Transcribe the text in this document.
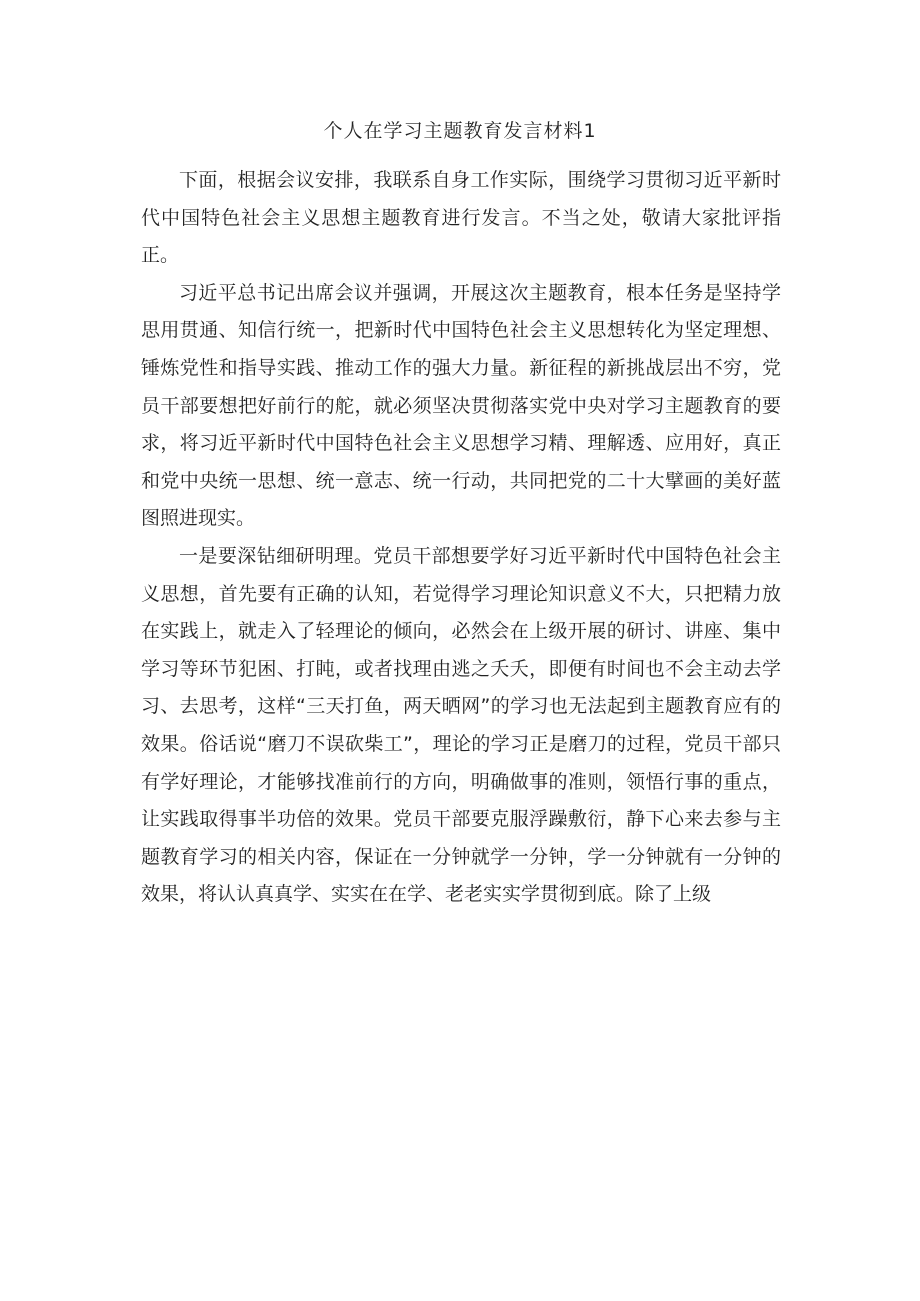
个人在学习主题教育发言材料1

下面，根据会议安排，我联系自身工作实际，围绕学习贯彻习近平新时代中国特色社会主义思想主题教育进行发言。不当之处，敬请大家批评指正。

习近平总书记出席会议并强调，开展这次主题教育，根本任务是坚持学思用贯通、知信行统一，把新时代中国特色社会主义思想转化为坚定理想、锤炼党性和指导实践、推动工作的强大力量。新征程的新挑战层出不穷，党员干部要想把好前行的舵，就必须坚决贯彻落实党中央对学习主题教育的要求，将习近平新时代中国特色社会主义思想学习精、理解透、应用好，真正和党中央统一思想、统一意志、统一行动，共同把党的二十大擘画的美好蓝图照进现实。

一是要深钻细研明理。党员干部想要学好习近平新时代中国特色社会主义思想，首先要有正确的认知，若觉得学习理论知识意义不大，只把精力放在实践上，就走入了轻理论的倾向，必然会在上级开展的研讨、讲座、集中学习等环节犯困、打盹，或者找理由逃之夭夭，即便有时间也不会主动去学习、去思考，这样“三天打鱼，两天晒网”的学习也无法起到主题教育应有的效果。俗话说“磨刀不误砍柴工”，理论的学习正是磨刀的过程，党员干部只有学好理论，才能够找准前行的方向，明确做事的准则，领悟行事的重点，让实践取得事半功倍的效果。党员干部要克服浮躁敷衍，静下心来去参与主题教育学习的相关内容，保证在一分钟就学一分钟，学一分钟就有一分钟的效果，将认认真真学、实实在在学、老老实实学贯彻到底。除了上级
